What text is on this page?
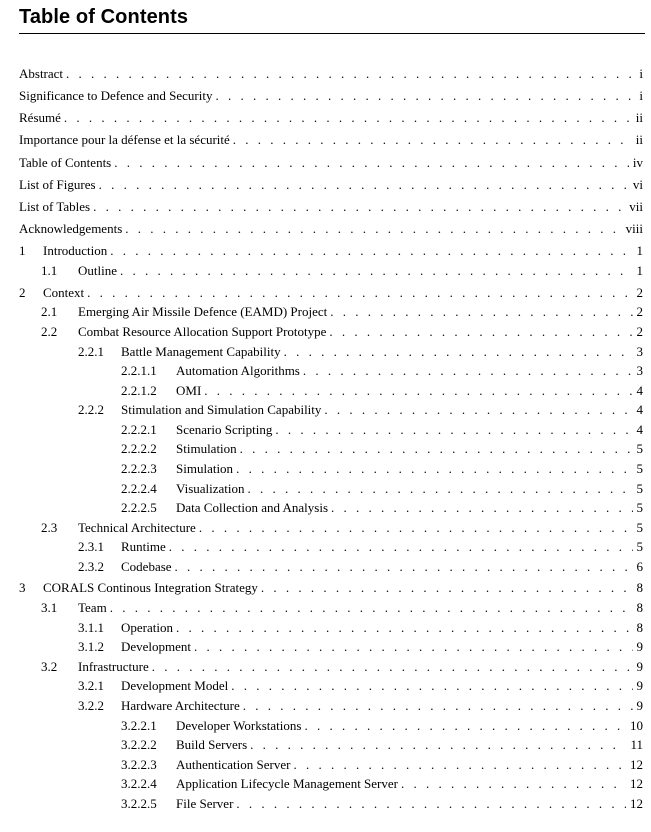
Table of Contents
Abstract . . .	i
Significance to Defence and Security . . .	i
Résumé . . .	ii
Importance pour la défense et la sécurité . . .	ii
Table of Contents . . .	iv
List of Figures . . .	vi
List of Tables . . .	vii
Acknowledgements . . .	viii
1 Introduction . . .	1
1.1 Outline . . .	1
2 Context . . .	2
2.1 Emerging Air Missile Defence (EAMD) Project . . .	2
2.2 Combat Resource Allocation Support Prototype . . .	2
2.2.1 Battle Management Capability . . .	3
2.2.1.1 Automation Algorithms . . .	3
2.2.1.2 OMI . . .	4
2.2.2 Stimulation and Simulation Capability . . .	4
2.2.2.1 Scenario Scripting . . .	4
2.2.2.2 Stimulation . . .	5
2.2.2.3 Simulation . . .	5
2.2.2.4 Visualization . . .	5
2.2.2.5 Data Collection and Analysis . . .	5
2.3 Technical Architecture . . .	5
2.3.1 Runtime . . .	5
2.3.2 Codebase . . .	6
3 CORALS Continous Integration Strategy . . .	8
3.1 Team . . .	8
3.1.1 Operation . . .	8
3.1.2 Development . . .	9
3.2 Infrastructure . . .	9
3.2.1 Development Model . . .	9
3.2.2 Hardware Architecture . . .	9
3.2.2.1 Developer Workstations . . .	10
3.2.2.2 Build Servers . . .	11
3.2.2.3 Authentication Server . . .	12
3.2.2.4 Application Lifecycle Management Server . . .	12
3.2.2.5 File Server . . .	12
